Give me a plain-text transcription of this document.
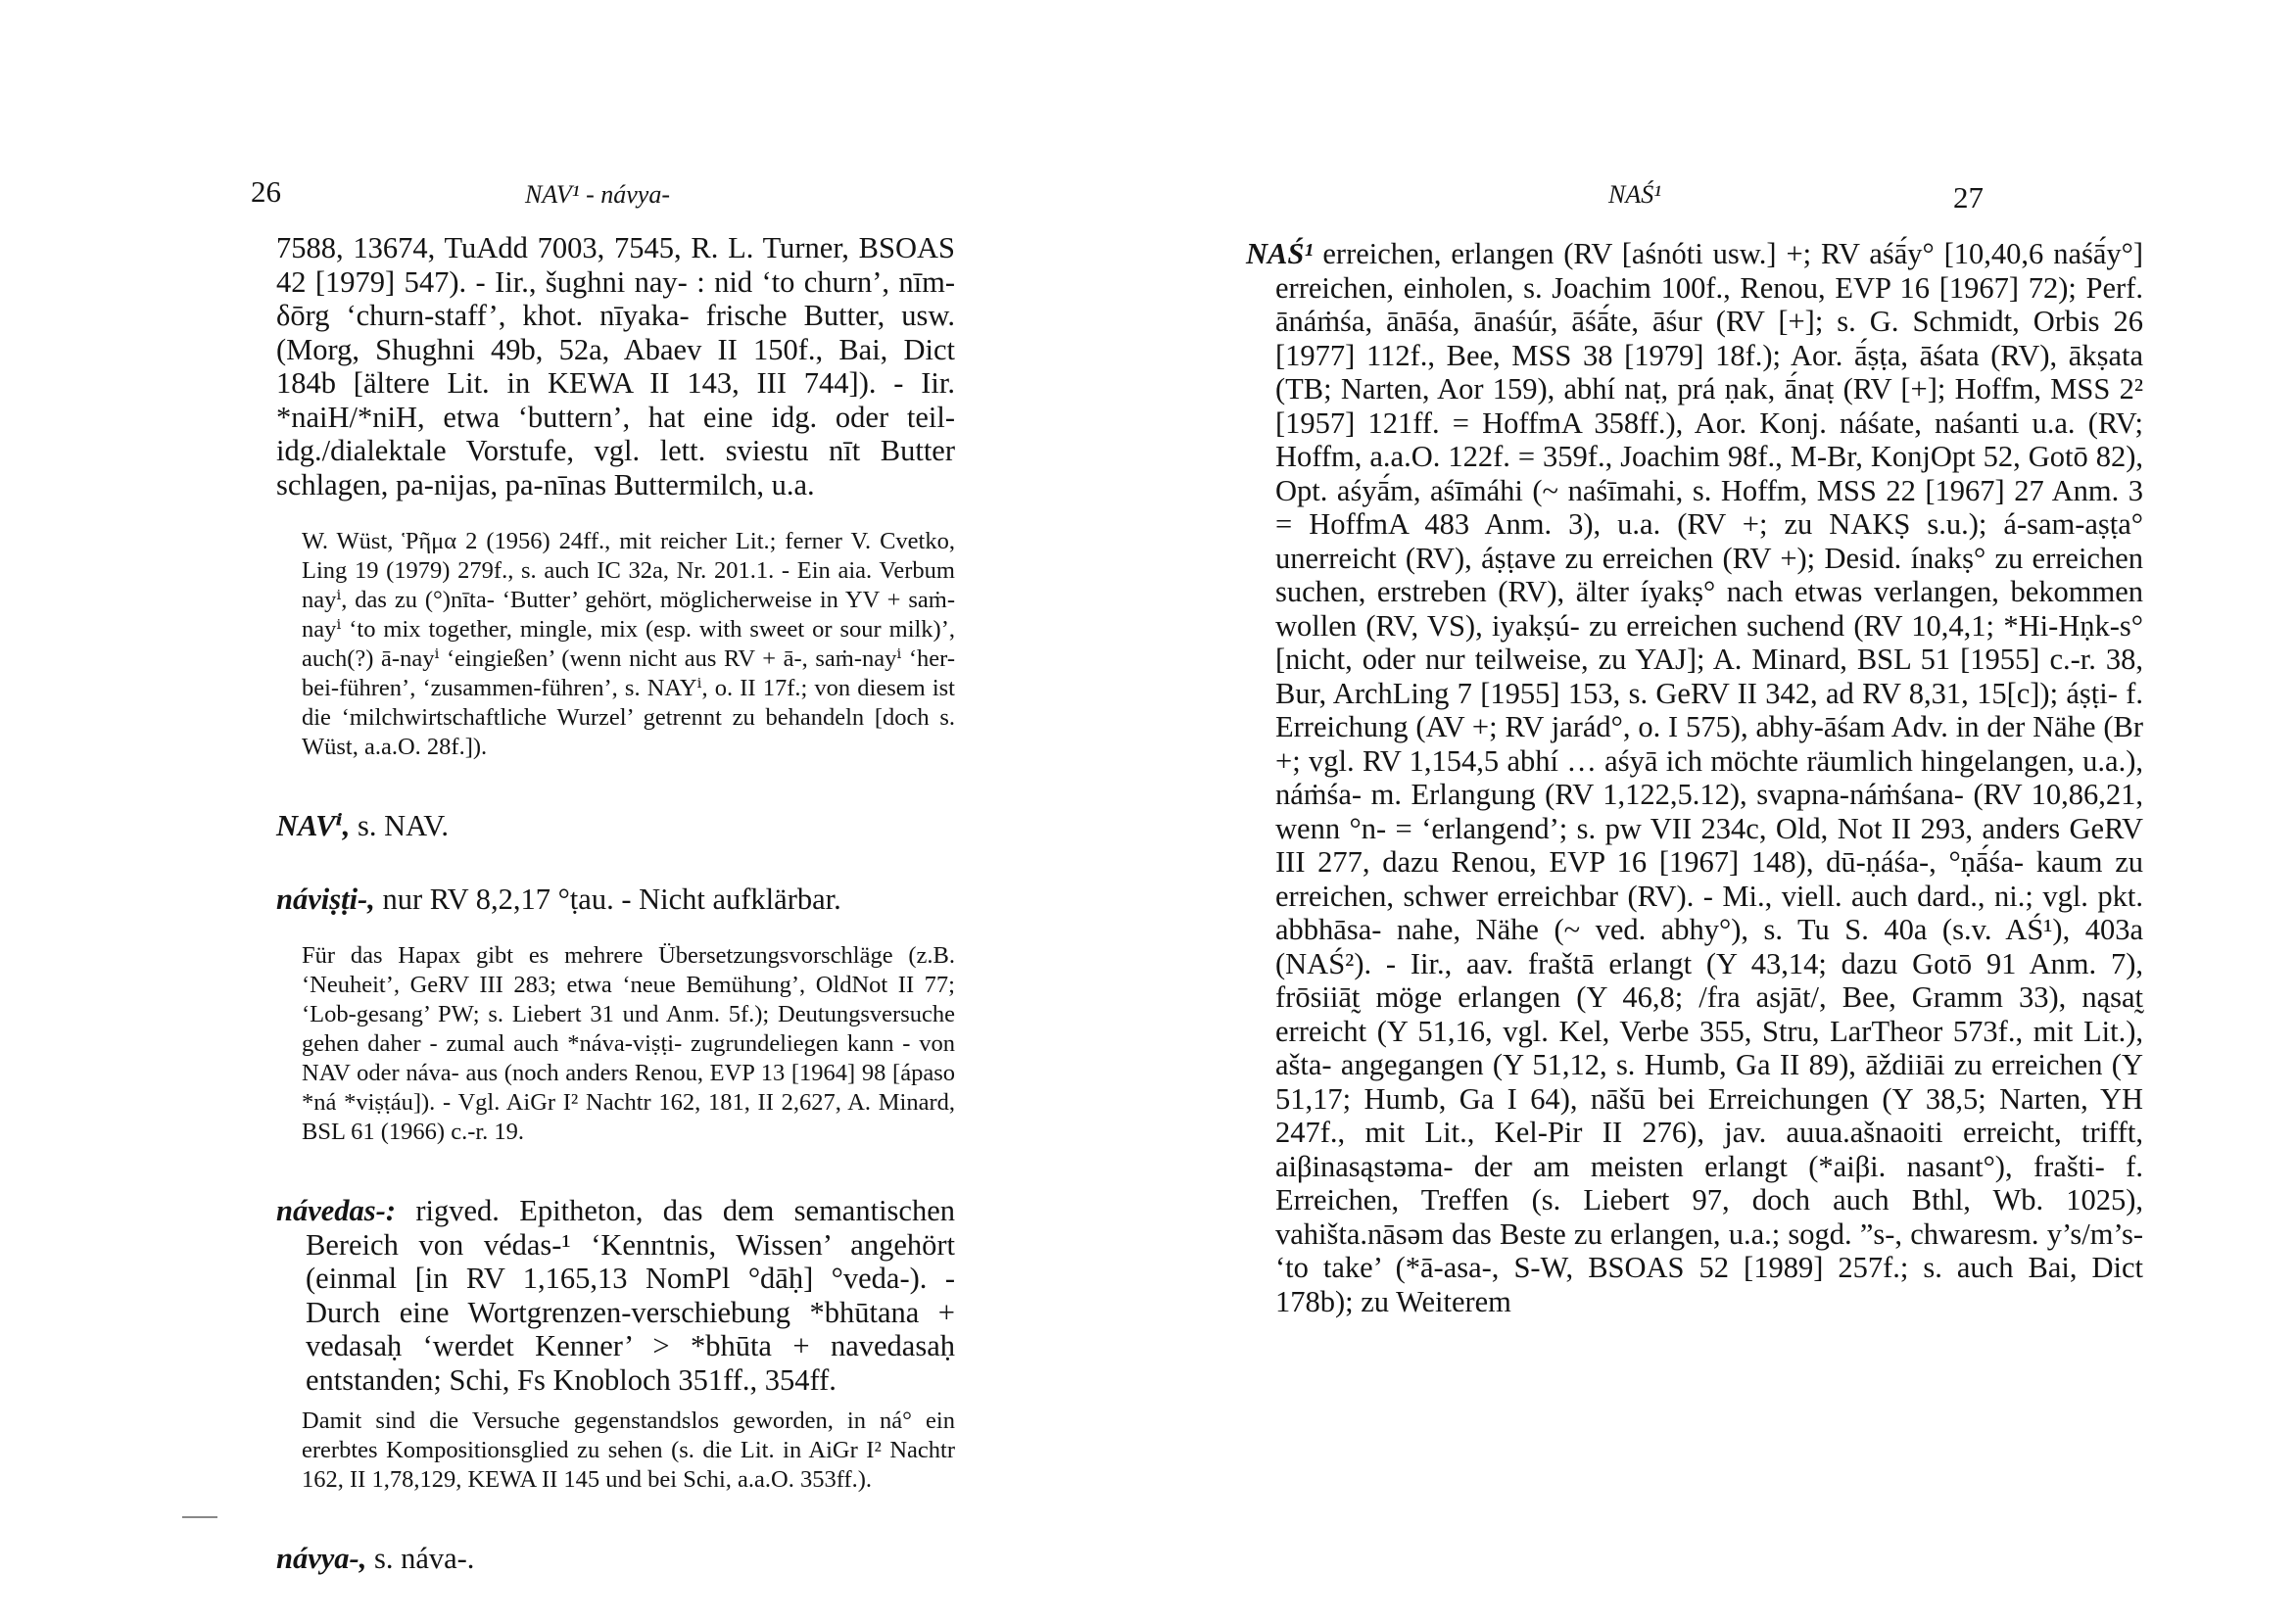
26	NAV¹ - návya-

7588, 13674, TuAdd 7003, 7545, R. L. Turner, BSOAS 42 [1979] 547). - Iir., šughni nay- : nid ‘to churn’, nīm-δōrg ‘churn-staff’, khot. nīyaka- frische Butter, usw. (Morg, Shughni 49b, 52a, Abaev II 150f., Bai, Dict 184b [ältere Lit. in KEWA II 143, III 744]). - Iir. *naiH/*niH, etwa ‘buttern’, hat eine idg. oder teil-idg./dialektale Vorstufe, vgl. lett. sviestu nīt Butter schlagen, pa-nijas, pa-nīnas Buttermilch, u.a.

W. Wüst, Ῥῆμα 2 (1956) 24ff., mit reicher Lit.; ferner V. Cvetko, Ling 19 (1979) 279f., s. auch IC 32a, Nr. 201.1. - Ein aia. Verbum nayⁱ, das zu (°)nīta- ‘Butter’ gehört, möglicherweise in YV + saṁ-nayⁱ ‘to mix together, mingle, mix (esp. with sweet or sour milk)’, auch(?) ā-nayⁱ ‘eingießen’ (wenn nicht aus RV + ā-, saṁ-nayⁱ ‘her-bei-führen’, ‘zusammen-führen’, s. NAYⁱ, o. II 17f.; von diesem ist die ‘milchwirtschaftliche Wurzel’ getrennt zu behandeln [doch s. Wüst, a.a.O. 28f.]).

NAVⁱ, s. NAV.

náviṣṭi-, nur RV 8,2,17 °ṭau. - Nicht aufklärbar.

Für das Hapax gibt es mehrere Übersetzungsvorschläge (z.B. ‘Neuheit’, GeRV III 283; etwa ‘neue Bemühung’, OldNot II 77; ‘Lob-gesang’ PW; s. Liebert 31 und Anm. 5f.); Deutungsversuche gehen daher - zumal auch *náva-viṣṭi- zugrundeliegen kann - von NAV oder náva- aus (noch anders Renou, EVP 13 [1964] 98 [ápaso *ná *viṣṭáu]). - Vgl. AiGr I² Nachtr 162, 181, II 2,627, A. Minard, BSL 61 (1966) c.-r. 19.

návedas-: rigved. Epitheton, das dem semantischen Bereich von védas-¹ ‘Kenntnis, Wissen’ angehört (einmal [in RV 1,165,13 NomPl °dāḥ] °veda-). - Durch eine Wortgrenzen-verschiebung *bhūtana + vedasaḥ ‘werdet Kenner’ > *bhūta + navedasaḥ entstanden; Schi, Fs Knobloch 351ff., 354ff.

Damit sind die Versuche gegenstandslos geworden, in ná° ein ererbtes Kompositionsglied zu sehen (s. die Lit. in AiGr I² Nachtr 162, II 1,78,129, KEWA II 145 und bei Schi, a.a.O. 353ff.).

návya-, s. náva-.

NAŚ¹	27

NAŚ¹ erreichen, erlangen (RV [aśnóti usw.] +; RV aśā́y° [10,40,6 naśā́y°] erreichen, einholen, s. Joachim 100f., Renou, EVP 16 [1967] 72); Perf. ānáṁśa, ānāśa, ānaśúr, āśā́te, āśur (RV [+]; s. G. Schmidt, Orbis 26 [1977] 112f., Bee, MSS 38 [1979] 18f.); Aor. ā́ṣṭa, āśata (RV), ākṣata (TB; Narten, Aor 159), abhí naṭ, prá ṇak, ā́naṭ (RV [+]; Hoffm, MSS 2² [1957] 121ff. = HoffmA 358ff.), Aor. Konj. náśate, naśanti u.a. (RV; Hoffm, a.a.O. 122f. = 359f., Joachim 98f., M-Br, KonjOpt 52, Gotō 82), Opt. aśyā́m, aśīmáhi (~ naśīmahi, s. Hoffm, MSS 22 [1967] 27 Anm. 3 = HoffmA 483 Anm. 3), u.a. (RV +; zu NAKṢ s.u.); á-sam-aṣṭa° unerreicht (RV), áṣṭave zu erreichen (RV +); Desid. ínakṣ° zu erreichen suchen, erstreben (RV), älter íyakṣ° nach etwas verlangen, bekommen wollen (RV, VS), iyakṣú- zu erreichen suchend (RV 10,4,1; *Hi-Hṇk-s° [nicht, oder nur teilweise, zu YAJ]; A. Minard, BSL 51 [1955] c.-r. 38, Bur, ArchLing 7 [1955] 153, s. GeRV II 342, ad RV 8,31, 15[c]); áṣṭi- f. Erreichung (AV +; RV jarád°, o. I 575), abhy-āśam Adv. in der Nähe (Br +; vgl. RV 1,154,5 abhí … aśyā ich möchte räumlich hingelangen, u.a.), náṁśa- m. Erlangung (RV 1,122,5.12), svapna-náṁśana- (RV 10,86,21, wenn °n- = ‘erlangend’; s. pw VII 234c, Old, Not II 293, anders GeRV III 277, dazu Renou, EVP 16 [1967] 148), dū-ṇáśa-, °ṇā́śa- kaum zu erreichen, schwer erreichbar (RV). - Mi., viell. auch dard., ni.; vgl. pkt. abbhāsa- nahe, Nähe (~ ved. abhy°), s. Tu S. 40a (s.v. AŚ¹), 403a (NAŚ²). - Iir., aav. fraštā erlangt (Y 43,14; dazu Gotō 91 Anm. 7), frōsiiāt̰ möge erlangen (Y 46,8; /fra asjāt/, Bee, Gramm 33), nąsat̰ erreicht (Y 51,16, vgl. Kel, Verbe 355, Stru, LarTheor 573f., mit Lit.), ašta- angegangen (Y 51,12, s. Humb, Ga II 89), āždiiāi zu erreichen (Y 51,17; Humb, Ga I 64), nāšū bei Erreichungen (Y 38,5; Narten, YH 247f., mit Lit., Kel-Pir II 276), jav. auua.ašnaoiti erreicht, trifft, aiβinasąstəma- der am meisten erlangt (*aiβi. nasant°), frašti- f. Erreichen, Treffen (s. Liebert 97, doch auch Bthl, Wb. 1025), vahišta.nāsəm das Beste zu erlangen, u.a.; sogd. ”s-, chwaresm. y’s/m’s- ‘to take’ (*ā-asa-, S-W, BSOAS 52 [1989] 257f.; s. auch Bai, Dict 178b); zu Weiterem
